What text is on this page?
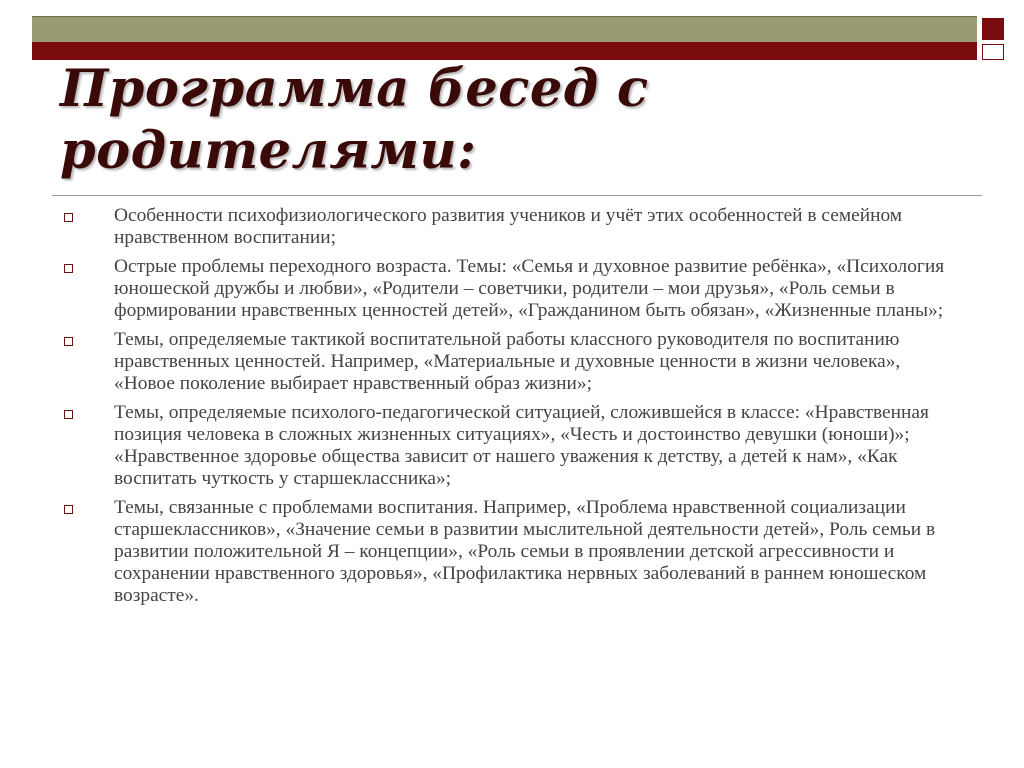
Программа бесед с родителями:
Особенности психофизиологического развития учеников и учёт этих особенностей в семейном нравственном воспитании;
Острые проблемы переходного возраста. Темы: «Семья и духовное развитие ребёнка», «Психология юношеской дружбы и любви», «Родители – советчики, родители – мои друзья», «Роль семьи в формировании нравственных ценностей детей», «Гражданином быть обязан», «Жизненные планы»;
Темы, определяемые тактикой воспитательной работы классного руководителя по воспитанию нравственных ценностей. Например, «Материальные и духовные ценности в жизни человека», «Новое поколение выбирает нравственный образ жизни»;
Темы, определяемые психолого-педагогической ситуацией, сложившейся в классе: «Нравственная позиция человека в сложных жизненных ситуациях», «Честь и достоинство девушки (юноши)»; «Нравственное здоровье общества зависит от нашего уважения к детству, а детей к нам», «Как воспитать чуткость у старшеклассника»;
Темы, связанные с проблемами воспитания. Например, «Проблема нравственной социализации старшеклассников», «Значение семьи в развитии мыслительной деятельности детей», Роль семьи в развитии положительной Я – концепции», «Роль семьи в проявлении детской агрессивности и сохранении нравственного здоровья», «Профилактика нервных заболеваний в раннем юношеском возрасте».
